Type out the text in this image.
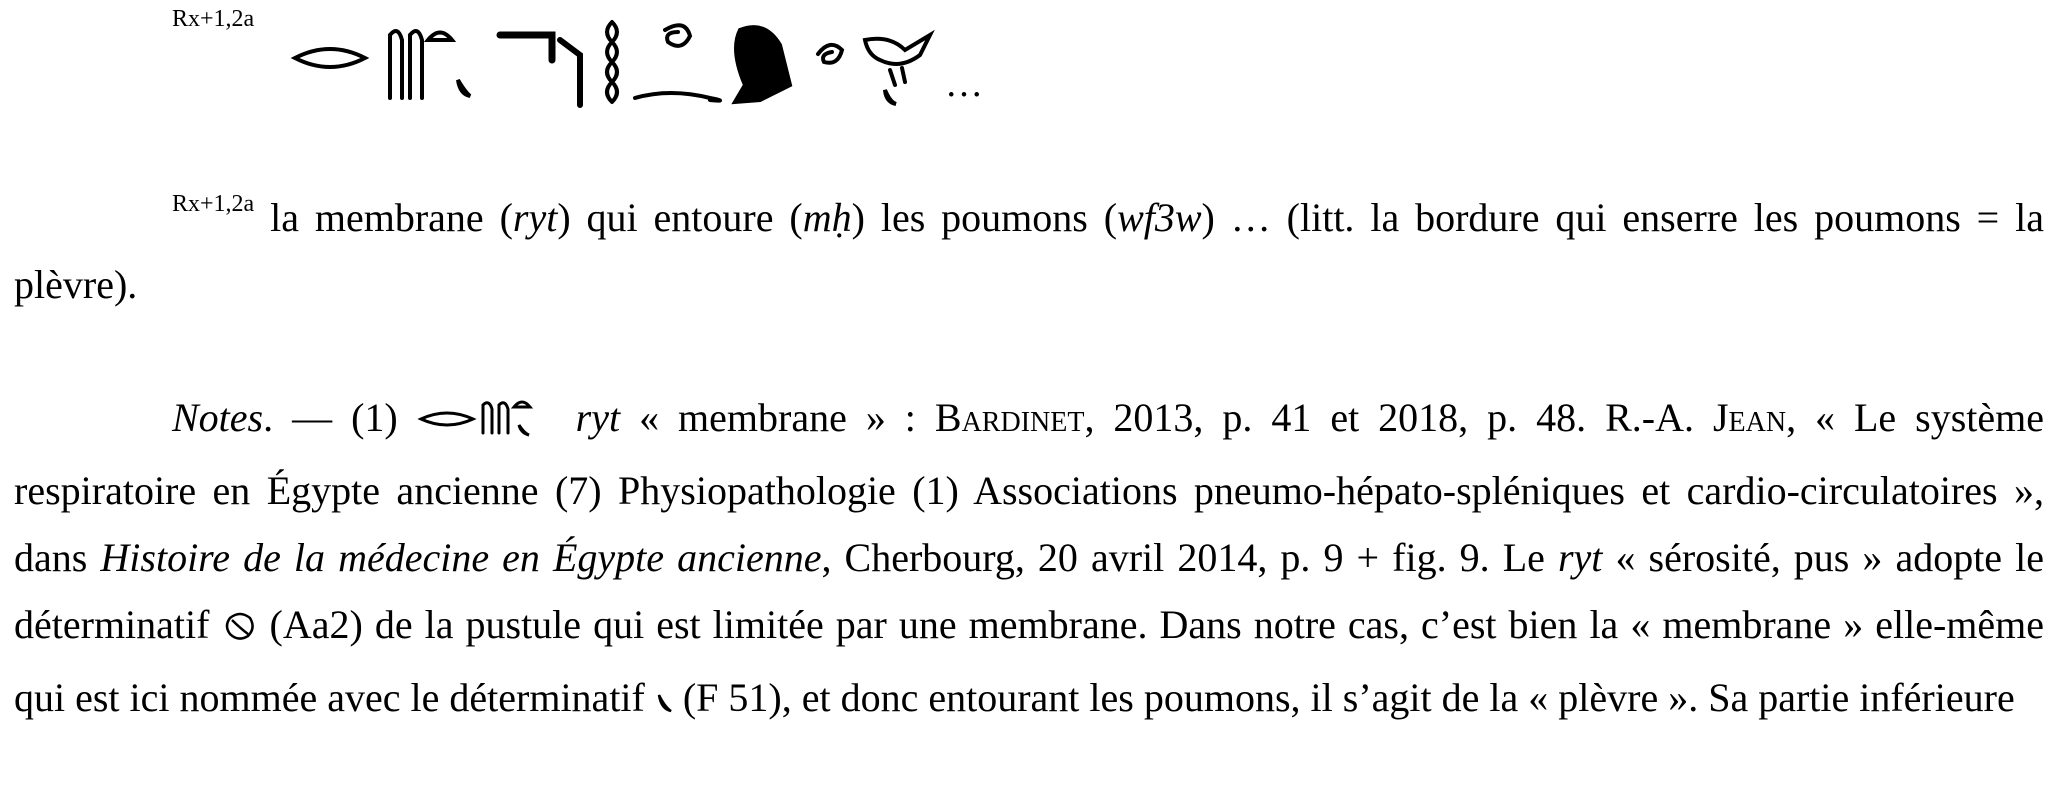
Rx+1,2a
…
$^{Rx+1,2a}$ la membrane (ryt) qui entoure (mḥ) les poumons (wf3w) … (litt. la bordure qui enserre les poumons = la plèvre).
Notes. — (1)	ryt « membrane » : Bardinet, 2013, p. 41 et 2018, p. 48. R.-A. Jean, « Le système respiratoire en Égypte ancienne (7) Physiopathologie (1) Associations pneumo-hépato-spléniques et cardio-circulatoires », dans Histoire de la médecine en Égypte ancienne, Cherbourg, 20 avril 2014, p. 9 + fig. 9. Le ryt « sérosité, pus » adopte le déterminatif  (Aa2) de la pustule qui est limitée par une membrane. Dans notre cas, c’est bien la « membrane » elle-même qui est ici nommée avec le déterminatif  (F 51), et donc entourant les poumons, il s’agit de la « plèvre ». Sa partie inférieure
